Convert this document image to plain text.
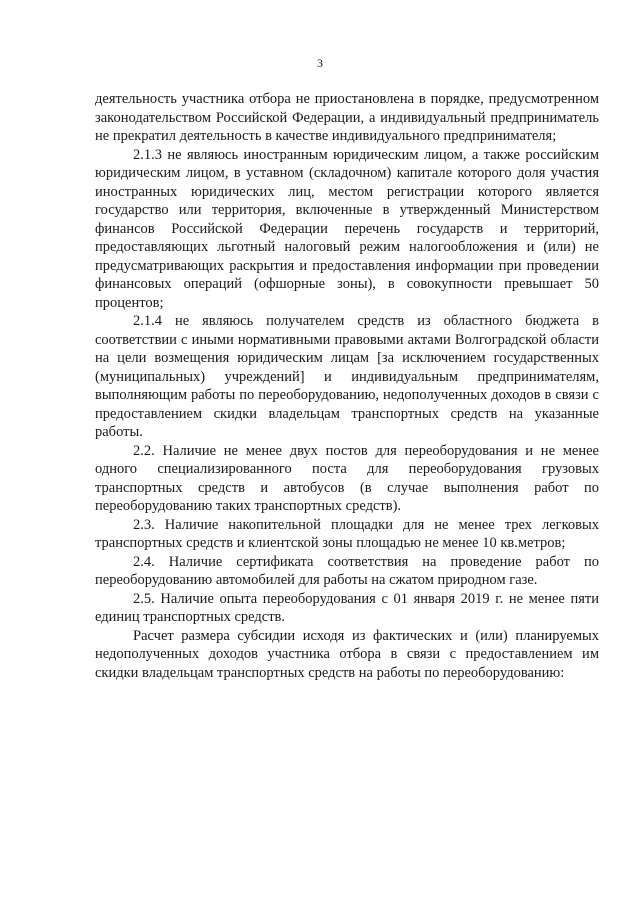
3

деятельность участника отбора не приостановлена в порядке, предусмотренном законодательством Российской Федерации, а индивидуальный предприниматель не прекратил деятельность в качестве индивидуального предпринимателя;

2.1.3 не являюсь иностранным юридическим лицом, а также российским юридическим лицом, в уставном (складочном) капитале которого доля участия иностранных юридических лиц, местом регистрации которого является государство или территория, включенные в утвержденный Министерством финансов Российской Федерации перечень государств и территорий, предоставляющих льготный налоговый режим налогообложения и (или) не предусматривающих раскрытия и предоставления информации при проведении финансовых операций (офшорные зоны), в совокупности превышает 50 процентов;

2.1.4 не являюсь получателем средств из областного бюджета в соответствии с иными нормативными правовыми актами Волгоградской области на цели возмещения юридическим лицам [за исключением государственных (муниципальных) учреждений] и индивидуальным предпринимателям, выполняющим работы по переоборудованию, недополученных доходов в связи с предоставлением скидки владельцам транспортных средств на указанные работы.

2.2. Наличие не менее двух постов для переоборудования и не менее одного специализированного поста для переоборудования грузовых транспортных средств и автобусов (в случае выполнения работ по переоборудованию таких транспортных средств).

2.3. Наличие накопительной площадки для не менее трех легковых транспортных средств и клиентской зоны площадью не менее 10 кв.метров;

2.4. Наличие сертификата соответствия на проведение работ по переоборудованию автомобилей для работы на сжатом природном газе.

2.5. Наличие опыта переоборудования с 01 января 2019 г. не менее пяти единиц транспортных средств.

Расчет размера субсидии исходя из фактических и (или) планируемых недополученных доходов участника отбора в связи с предоставлением им скидки владельцам транспортных средств на работы по переоборудованию:
